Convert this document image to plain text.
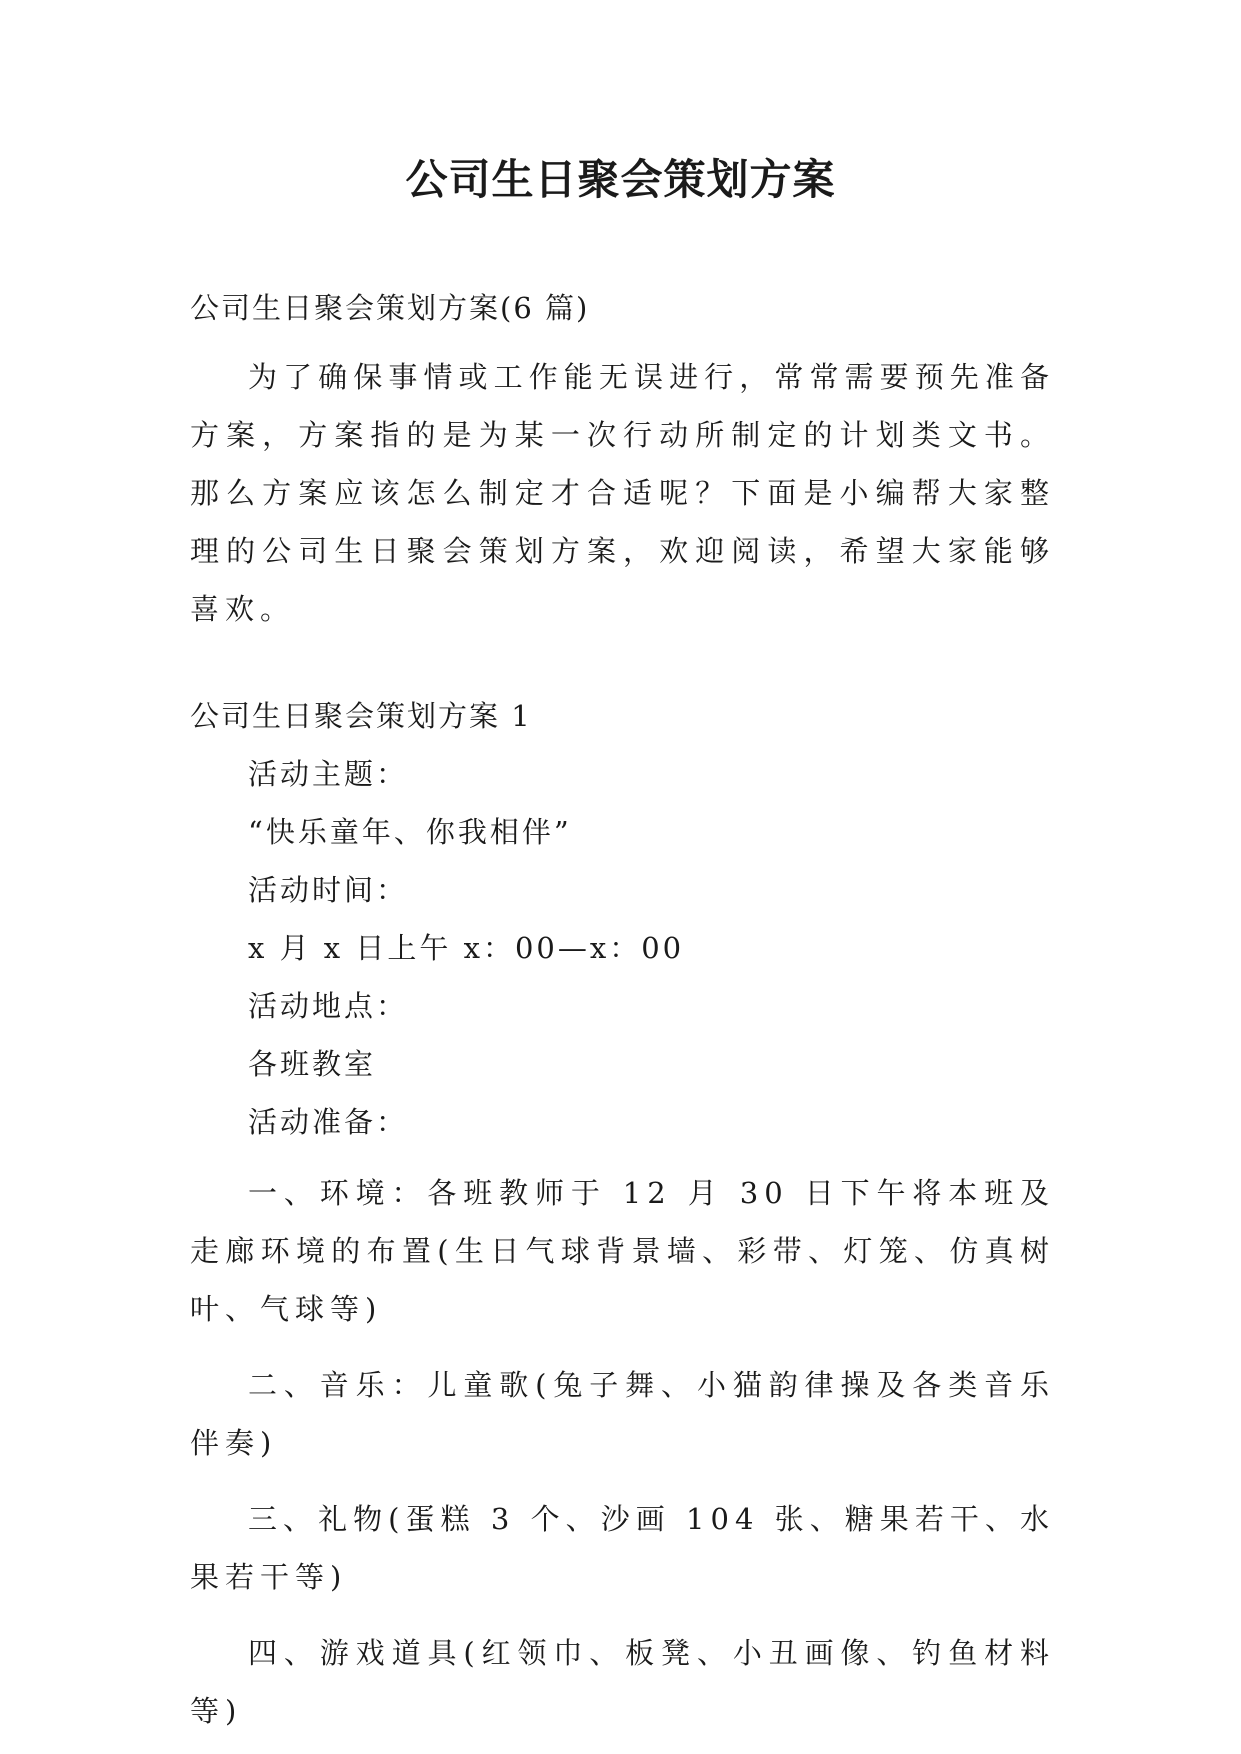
公司生日聚会策划方案

公司生日聚会策划方案(6 篇)

为了确保事情或工作能无误进行，常常需要预先准备方案，方案指的是为某一次行动所制定的计划类文书。那么方案应该怎么制定才合适呢？下面是小编帮大家整理的公司生日聚会策划方案，欢迎阅读，希望大家能够喜欢。

公司生日聚会策划方案 1

活动主题：

“快乐童年、你我相伴”

活动时间：

x 月 x 日上午 x：00—x：00

活动地点：

各班教室

活动准备：

一、环境：各班教师于 12 月 30 日下午将本班及走廊环境的布置(生日气球背景墙、彩带、灯笼、仿真树叶、气球等)

二、音乐：儿童歌(兔子舞、小猫韵律操及各类音乐伴奏)

三、礼物(蛋糕 3 个、沙画 104 张、糖果若干、水果若干等)

四、游戏道具(红领巾、板凳、小丑画像、钓鱼材料等)
